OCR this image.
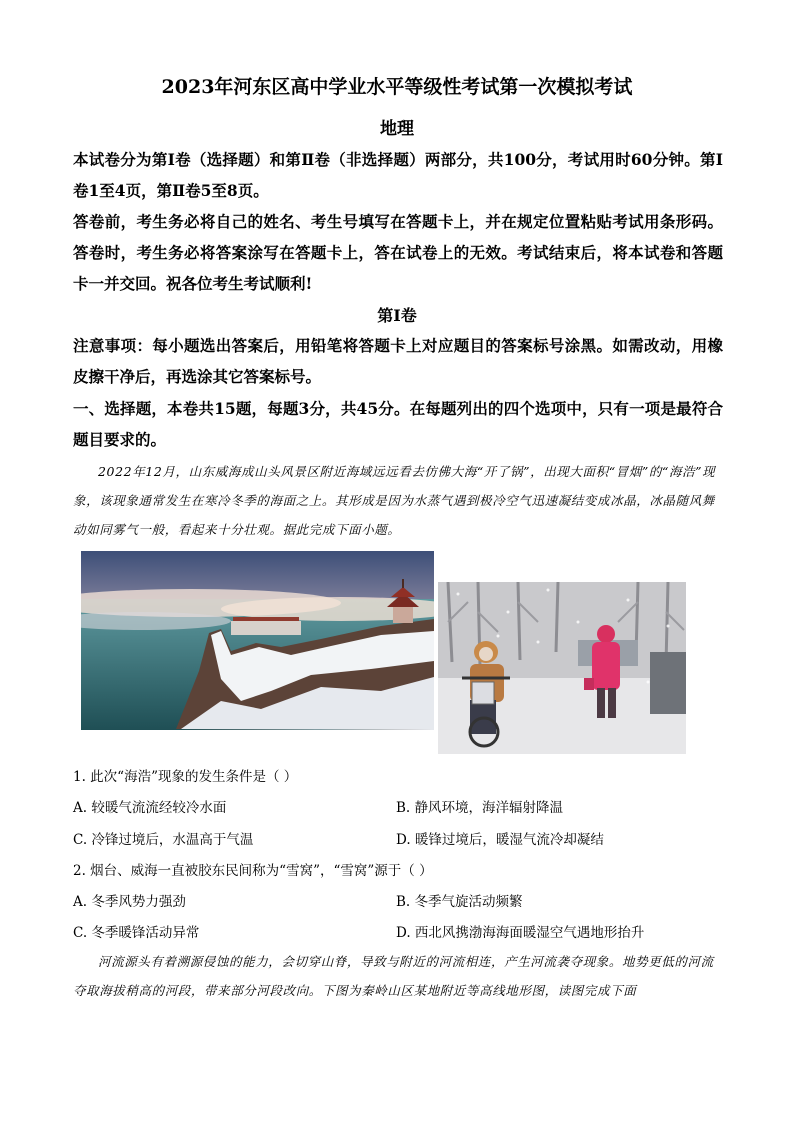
2023年河东区高中学业水平等级性考试第一次模拟考试
地理

本试卷分为第Ⅰ卷（选择题）和第Ⅱ卷（非选择题）两部分，共100分，考试用时60分钟。第Ⅰ卷1至4页，第Ⅱ卷5至8页。

答卷前，考生务必将自己的姓名、考生号填写在答题卡上，并在规定位置粘贴考试用条形码。答卷时，考生务必将答案涂写在答题卡上，答在试卷上的无效。考试结束后，将本试卷和答题卡一并交回。祝各位考生考试顺利!

第Ⅰ卷

注意事项：每小题选出答案后，用铅笔将答题卡上对应题目的答案标号涂黑。如需改动，用橡皮擦干净后，再选涂其它答案标号。

一、选择题，本卷共15题，每题3分，共45分。在每题列出的四个选项中，只有一项是最符合题目要求的。

2022年12月，山东威海成山头风景区附近海域远远看去仿佛大海“开了锅”，出现大面积“冒烟”的“海浩”现象，该现象通常发生在寒冷冬季的海面之上。其形成是因为水蒸气遇到极冷空气迅速凝结变成冰晶，冰晶随风舞动如同雾气一般，看起来十分壮观。据此完成下面小题。

1. 此次“海浩”现象的发生条件是（ ）
A. 较暖气流流经较冷水面	B. 静风环境，海洋辐射降温
C. 冷锋过境后，水温高于气温	D. 暖锋过境后，暖湿气流冷却凝结
2. 烟台、威海一直被胶东民间称为“雪窝”，“雪窝”源于（ ）
A. 冬季风势力强劲	B. 冬季气旋活动频繁
C. 冬季暖锋活动异常	D. 西北风携渤海海面暖湿空气遇地形抬升

河流源头有着溯源侵蚀的能力，会切穿山脊，导致与附近的河流相连，产生河流袭夺现象。地势更低的河流夺取海拔稍高的河段，带来部分河段改向。下图为秦岭山区某地附近等高线地形图，读图完成下面
